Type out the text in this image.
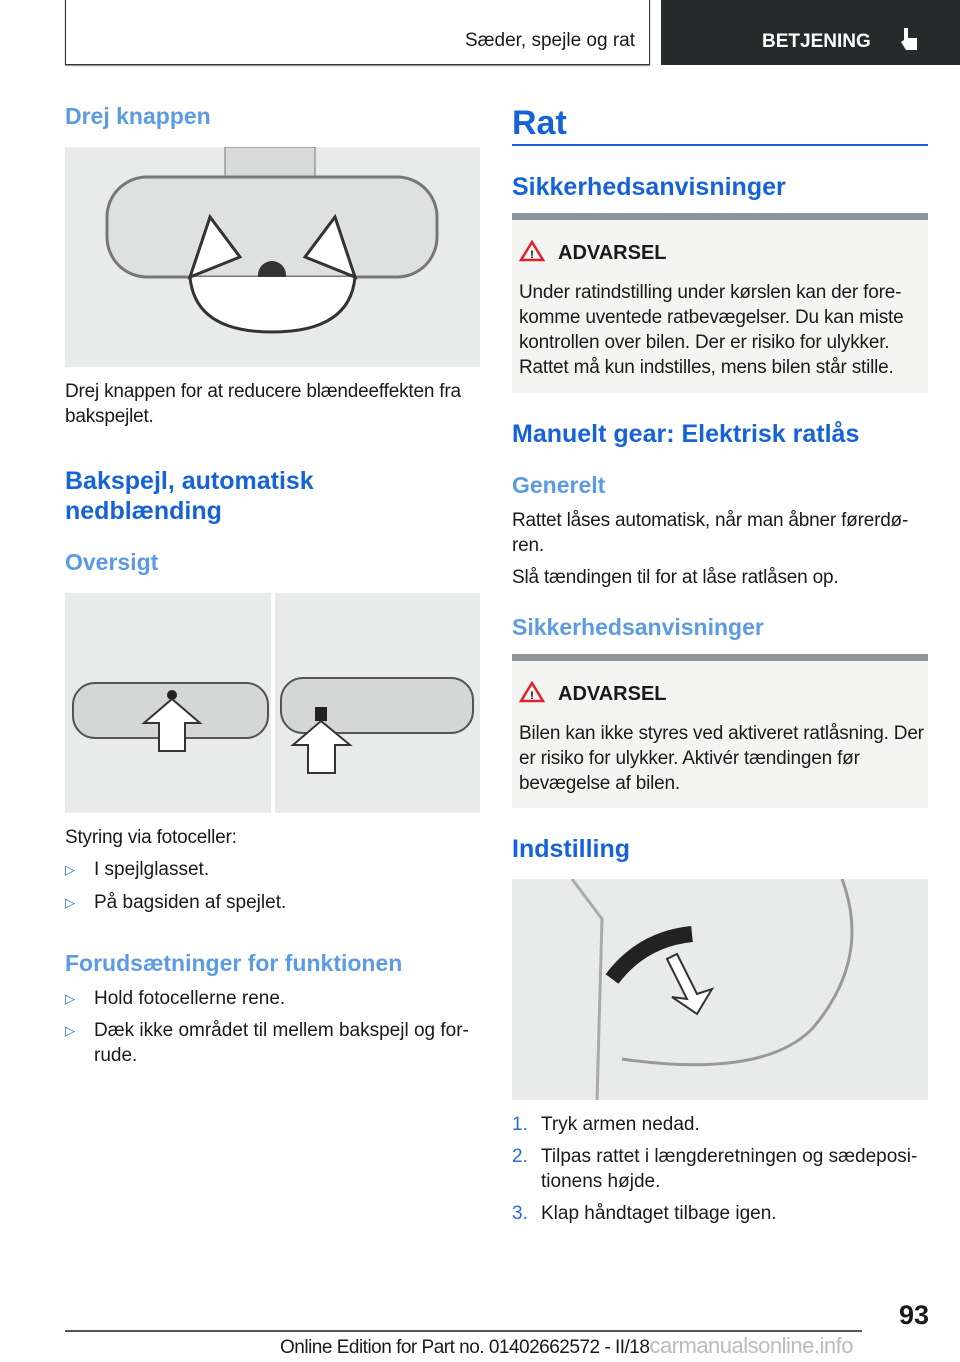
Sæder, spejle og rat	BETJENING
Drej knappen
Drej knappen for at reducere blændeeffekten fra bakspejlet.
Bakspejl, automatisk nedblænding
Oversigt
Styring via fotoceller:
▷ I spejlglasset.
▷ På bagsiden af spejlet.
Forudsætninger for funktionen
▷ Hold fotocellerne rene.
▷ Dæk ikke området til mellem bakspejl og for-rude.
Rat
Sikkerhedsanvisninger
! ADVARSEL
Under ratindstilling under kørslen kan der fore-komme uventede ratbevægelser. Du kan miste kontrollen over bilen. Der er risiko for ulykker. Rattet må kun indstilles, mens bilen står stille.
Manuelt gear: Elektrisk ratlås
Generelt
Rattet låses automatisk, når man åbner førerdø-ren.
Slå tændingen til for at låse ratlåsen op.
Sikkerhedsanvisninger
! ADVARSEL
Bilen kan ikke styres ved aktiveret ratlåsning. Der er risiko for ulykker. Aktivér tændingen før bevægelse af bilen.
Indstilling
1. Tryk armen nedad.
2. Tilpas rattet i længderetningen og sædeposi-tionens højde.
3. Klap håndtaget tilbage igen.
93
Online Edition for Part no. 01402662572 - II/18carmanualsonline.info
